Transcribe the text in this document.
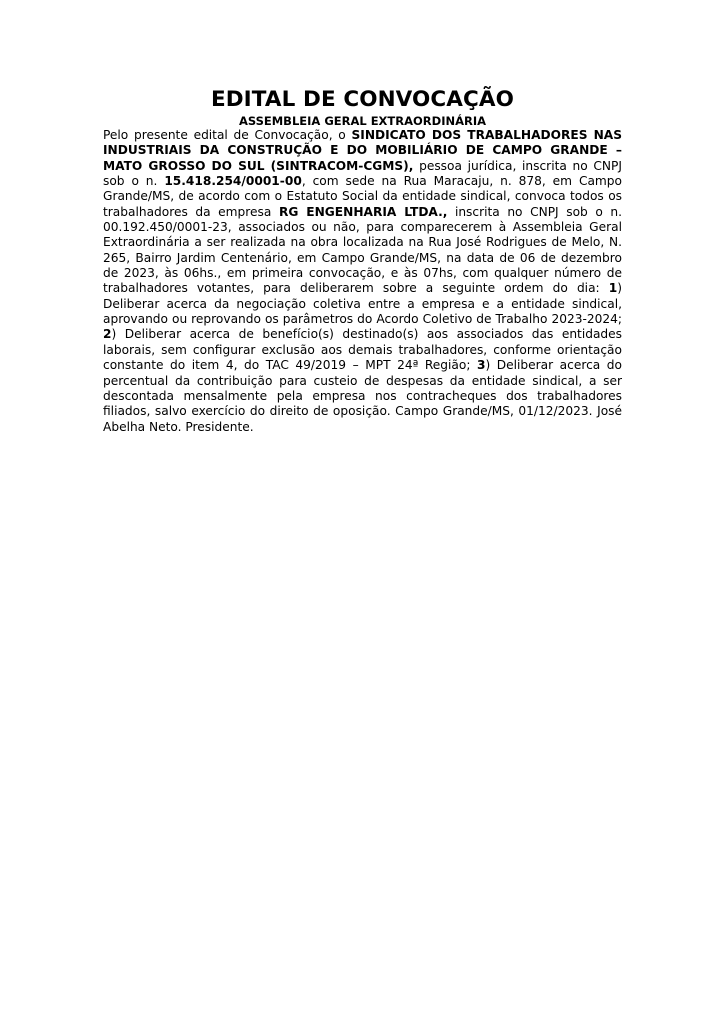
EDITAL DE CONVOCAÇÃO
ASSEMBLEIA GERAL EXTRAORDINÁRIA

Pelo presente edital de Convocação, o SINDICATO DOS TRABALHADORES NAS INDUSTRIAIS DA CONSTRUÇÃO E DO MOBILIÁRIO DE CAMPO GRANDE – MATO GROSSO DO SUL (SINTRACOM-CGMS), pessoa jurídica, inscrita no CNPJ sob o n. 15.418.254/0001-00, com sede na Rua Maracaju, n. 878, em Campo Grande/MS, de acordo com o Estatuto Social da entidade sindical, convoca todos os trabalhadores da empresa RG ENGENHARIA LTDA., inscrita no CNPJ sob o n. 00.192.450/0001-23, associados ou não, para comparecerem à Assembleia Geral Extraordinária a ser realizada na obra localizada na Rua José Rodrigues de Melo, N. 265, Bairro Jardim Centenário, em Campo Grande/MS, na data de 06 de dezembro de 2023, às 06hs., em primeira convocação, e às 07hs, com qualquer número de trabalhadores votantes, para deliberarem sobre a seguinte ordem do dia: 1) Deliberar acerca da negociação coletiva entre a empresa e a entidade sindical, aprovando ou reprovando os parâmetros do Acordo Coletivo de Trabalho 2023-2024; 2) Deliberar acerca de benefício(s) destinado(s) aos associados das entidades laborais, sem configurar exclusão aos demais trabalhadores, conforme orientação constante do item 4, do TAC 49/2019 – MPT 24ª Região; 3) Deliberar acerca do percentual da contribuição para custeio de despesas da entidade sindical, a ser descontada mensalmente pela empresa nos contracheques dos trabalhadores filiados, salvo exercício do direito de oposição. Campo Grande/MS, 01/12/2023. José Abelha Neto. Presidente.
